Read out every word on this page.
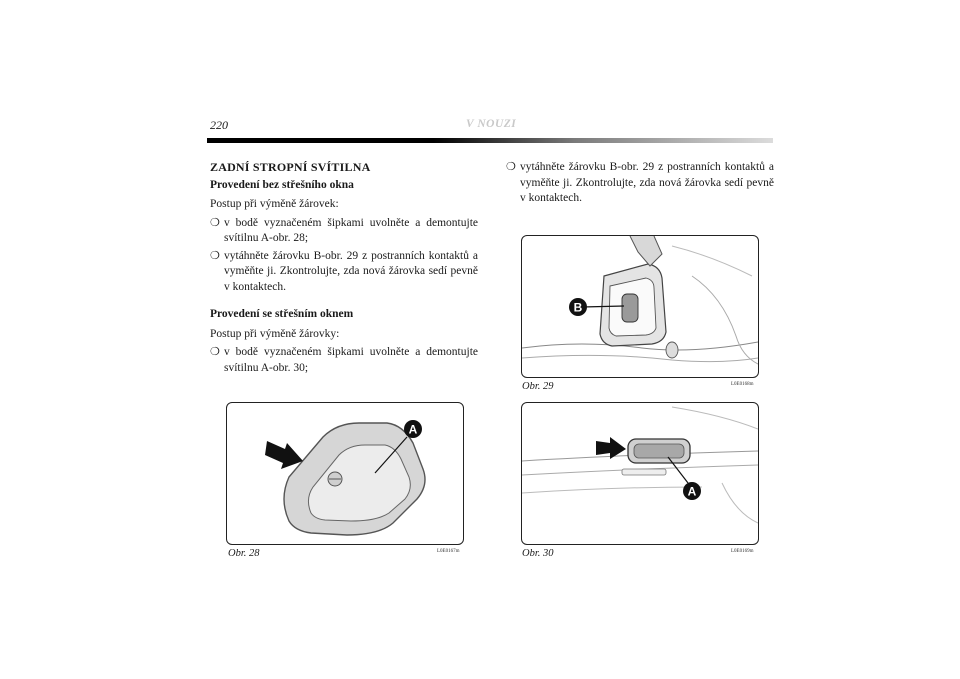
220	V NOUZI
ZADNÍ STROPNÍ SVÍTILNA
Provedení bez střešního okna

Postup při výměně žárovek:

❍ v bodě vyznačeném šipkami uvolněte a demontujte svítilnu A-obr. 28;
❍ vytáhněte žárovku B-obr. 29 z postranních kontaktů a vyměňte ji. Zkontrolujte, zda nová žárovka sedí pevně v kontaktech.
Provedení se střešním oknem

Postup při výměně žárovky:

❍ v bodě vyznačeném šipkami uvolněte a demontujte svítilnu A-obr. 30;
❍ vytáhněte žárovku B-obr. 29 z postranních kontaktů a vyměňte ji. Zkontrolujte, zda nová žárovka sedí pevně v kontaktech.
A
Obr. 28	L0E0167m
B
Obr. 29	L0E0168m
A
Obr. 30	L0E0169m
